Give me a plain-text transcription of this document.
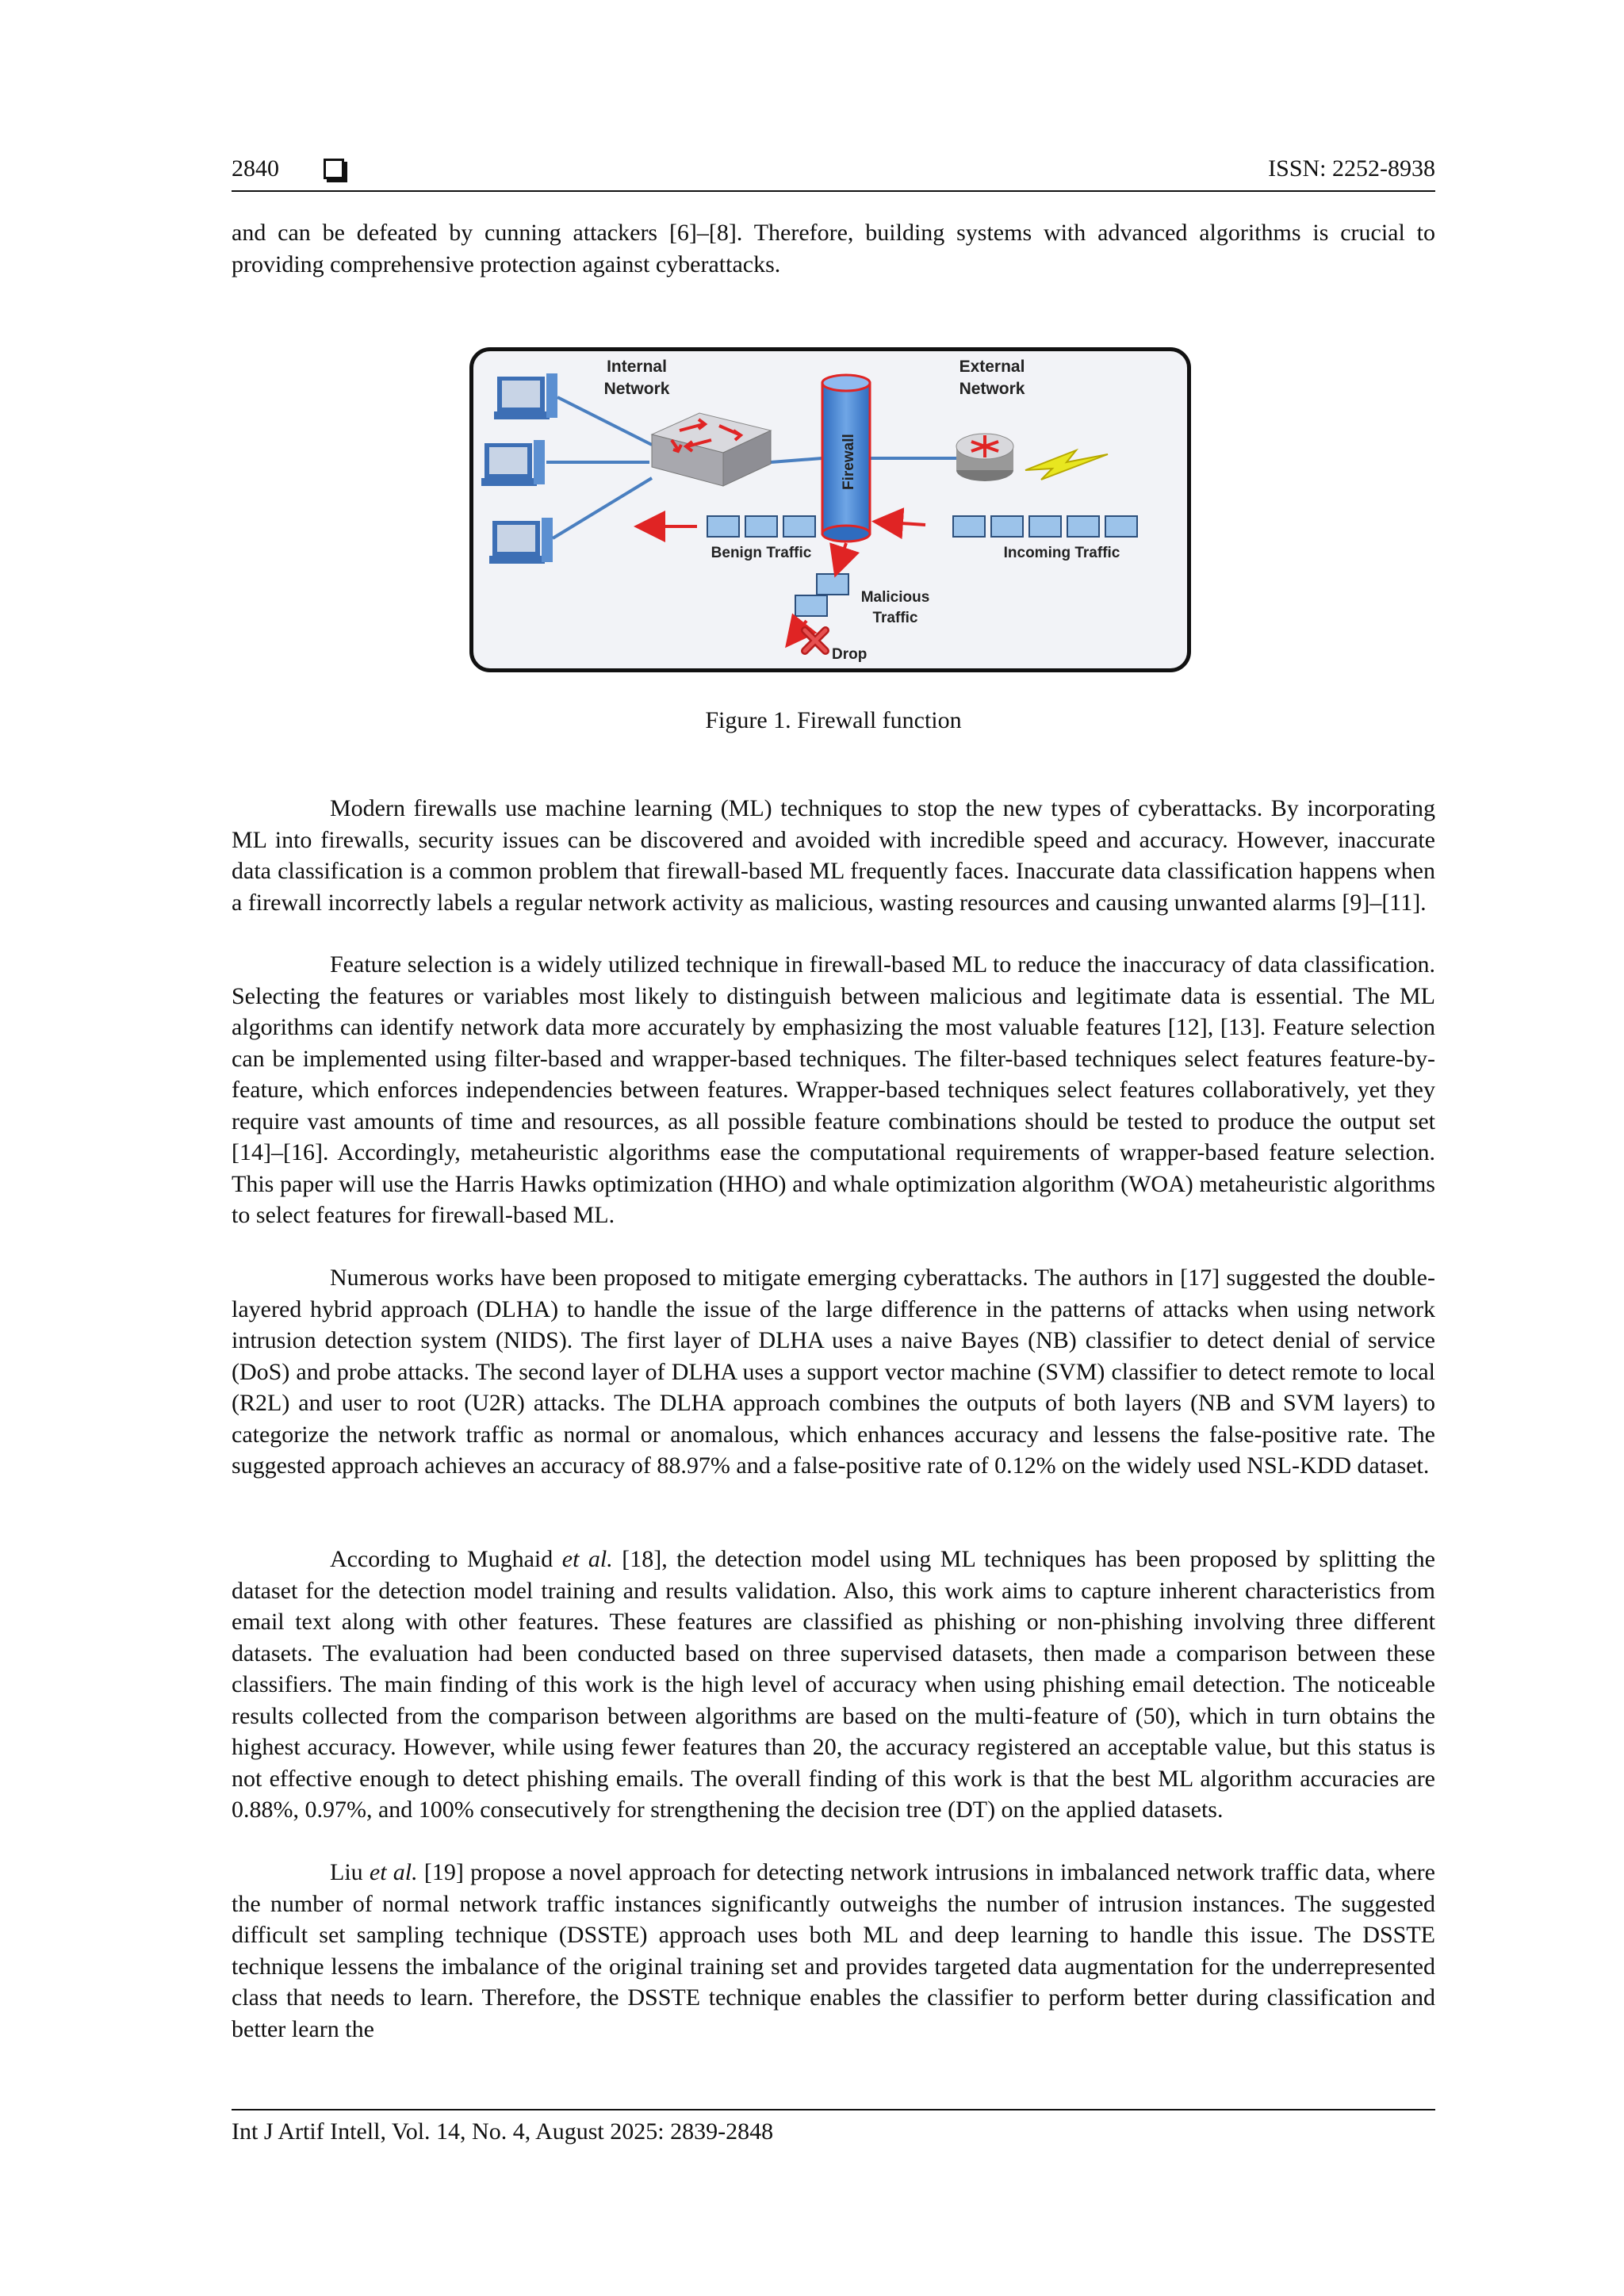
2840	ISSN: 2252-8938

and can be defeated by cunning attackers [6]–[8]. Therefore, building systems with advanced algorithms is crucial to providing comprehensive protection against cyberattacks.

Firewall
Internal
Network
External
Network
Benign Traffic	Incoming Traffic
Malicious
Traffic
Drop
Figure 1. Firewall function

Modern firewalls use machine learning (ML) techniques to stop the new types of cyberattacks. By incorporating ML into firewalls, security issues can be discovered and avoided with incredible speed and accuracy. However, inaccurate data classification is a common problem that firewall-based ML frequently faces. Inaccurate data classification happens when a firewall incorrectly labels a regular network activity as malicious, wasting resources and causing unwanted alarms [9]–[11].

Feature selection is a widely utilized technique in firewall-based ML to reduce the inaccuracy of data classification. Selecting the features or variables most likely to distinguish between malicious and legitimate data is essential. The ML algorithms can identify network data more accurately by emphasizing the most valuable features [12], [13]. Feature selection can be implemented using filter-based and wrapper-based techniques. The filter-based techniques select features feature-by-feature, which enforces independencies between features. Wrapper-based techniques select features collaboratively, yet they require vast amounts of time and resources, as all possible feature combinations should be tested to produce the output set [14]–[16]. Accordingly, metaheuristic algorithms ease the computational requirements of wrapper-based feature selection. This paper will use the Harris Hawks optimization (HHO) and whale optimization algorithm (WOA) metaheuristic algorithms to select features for firewall-based ML.

Numerous works have been proposed to mitigate emerging cyberattacks. The authors in [17] suggested the double-layered hybrid approach (DLHA) to handle the issue of the large difference in the patterns of attacks when using network intrusion detection system (NIDS). The first layer of DLHA uses a naive Bayes (NB) classifier to detect denial of service (DoS) and probe attacks. The second layer of DLHA uses a support vector machine (SVM) classifier to detect remote to local (R2L) and user to root (U2R) attacks. The DLHA approach combines the outputs of both layers (NB and SVM layers) to categorize the network traffic as normal or anomalous, which enhances accuracy and lessens the false-positive rate. The suggested approach achieves an accuracy of 88.97% and a false-positive rate of 0.12% on the widely used NSL-KDD dataset.

According to Mughaid et al. [18], the detection model using ML techniques has been proposed by splitting the dataset for the detection model training and results validation. Also, this work aims to capture inherent characteristics from email text along with other features. These features are classified as phishing or non-phishing involving three different datasets. The evaluation had been conducted based on three supervised datasets, then made a comparison between these classifiers. The main finding of this work is the high level of accuracy when using phishing email detection. The noticeable results collected from the comparison between algorithms are based on the multi-feature of (50), which in turn obtains the highest accuracy. However, while using fewer features than 20, the accuracy registered an acceptable value, but this status is not effective enough to detect phishing emails. The overall finding of this work is that the best ML algorithm accuracies are 0.88%, 0.97%, and 100% consecutively for strengthening the decision tree (DT) on the applied datasets.

Liu et al. [19] propose a novel approach for detecting network intrusions in imbalanced network traffic data, where the number of normal network traffic instances significantly outweighs the number of intrusion instances. The suggested difficult set sampling technique (DSSTE) approach uses both ML and deep learning to handle this issue. The DSSTE technique lessens the imbalance of the original training set and provides targeted data augmentation for the underrepresented class that needs to learn. Therefore, the DSSTE technique enables the classifier to perform better during classification and better learn the

Int J Artif Intell, Vol. 14, No. 4, August 2025: 2839-2848
